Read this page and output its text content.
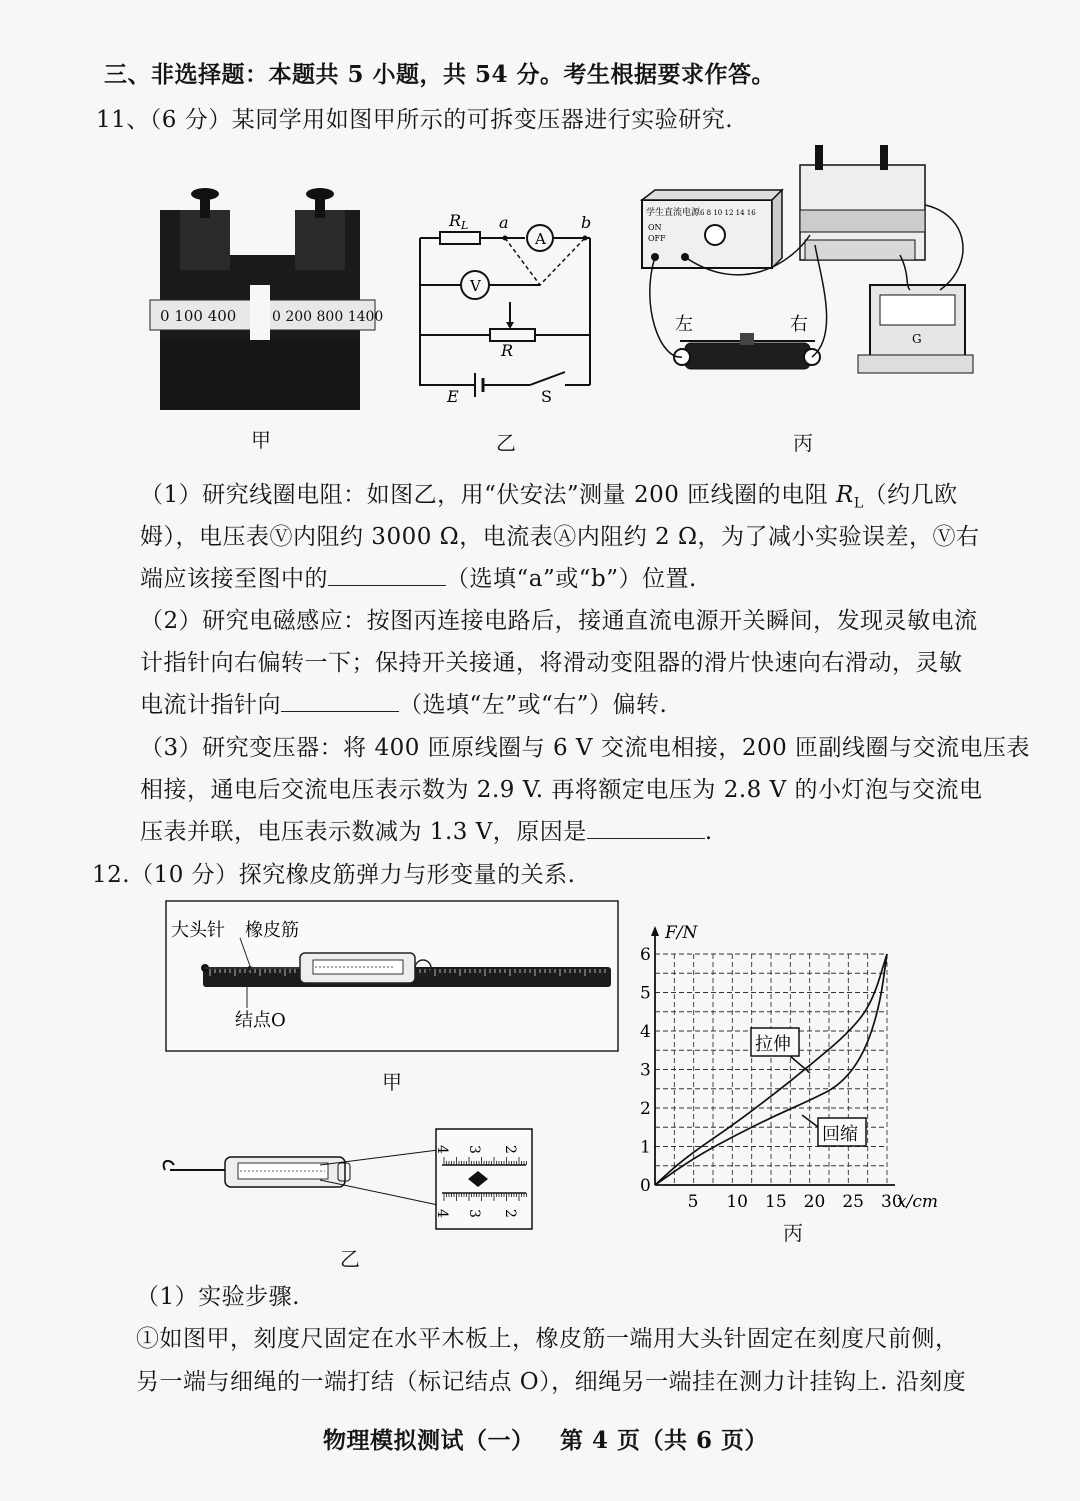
三、非选择题：本题共 5 小题，共 54 分。考生根据要求作答。
11、（6 分）某同学用如图甲所示的可拆变压器进行实验研究.
0 100 400	0 200 800 1400
甲
A
V
RL a	b
R
E	S
乙
学生直流电源
ON
OFF
6 8 10 12 14 16
G
左	右
丙
（1）研究线圈电阻：如图乙，用“伏安法”测量 200 匝线圈的电阻 $R_L$（约几欧
姆），电压表Ⓥ内阻约 3000 Ω，电流表Ⓐ内阻约 2 Ω，为了减小实验误差，Ⓥ右
端应该接至图中的	（选填“a”或“b”）位置.
（2）研究电磁感应：按图丙连接电路后，接通直流电源开关瞬间，发现灵敏电流
计指针向右偏转一下；保持开关接通，将滑动变阻器的滑片快速向右滑动，灵敏
电流计指针向	（选填“左”或“右”）偏转.
（3）研究变压器：将 400 匝原线圈与 6 V 交流电相接，200 匝副线圈与交流电压表
相接，通电后交流电压表示数为 2.9 V. 再将额定电压为 2.8 V 的小灯泡与交流电
压表并联，电压表示数减为 1.3 V，原因是	.
12.（10 分）探究橡皮筋弹力与形变量的关系.
大头针 橡皮筋
结点O
甲
2
3
4
2
3
4
乙
5 10 15 20 25 30
0
1
2
3
4
5
6
F/N
x/cm
拉伸
回缩
丙
（1）实验步骤.
①如图甲，刻度尺固定在水平木板上，橡皮筋一端用大头针固定在刻度尺前侧，
另一端与细绳的一端打结（标记结点 O），细绳另一端挂在测力计挂钩上. 沿刻度
物理模拟测试（一） 第 4 页（共 6 页）
